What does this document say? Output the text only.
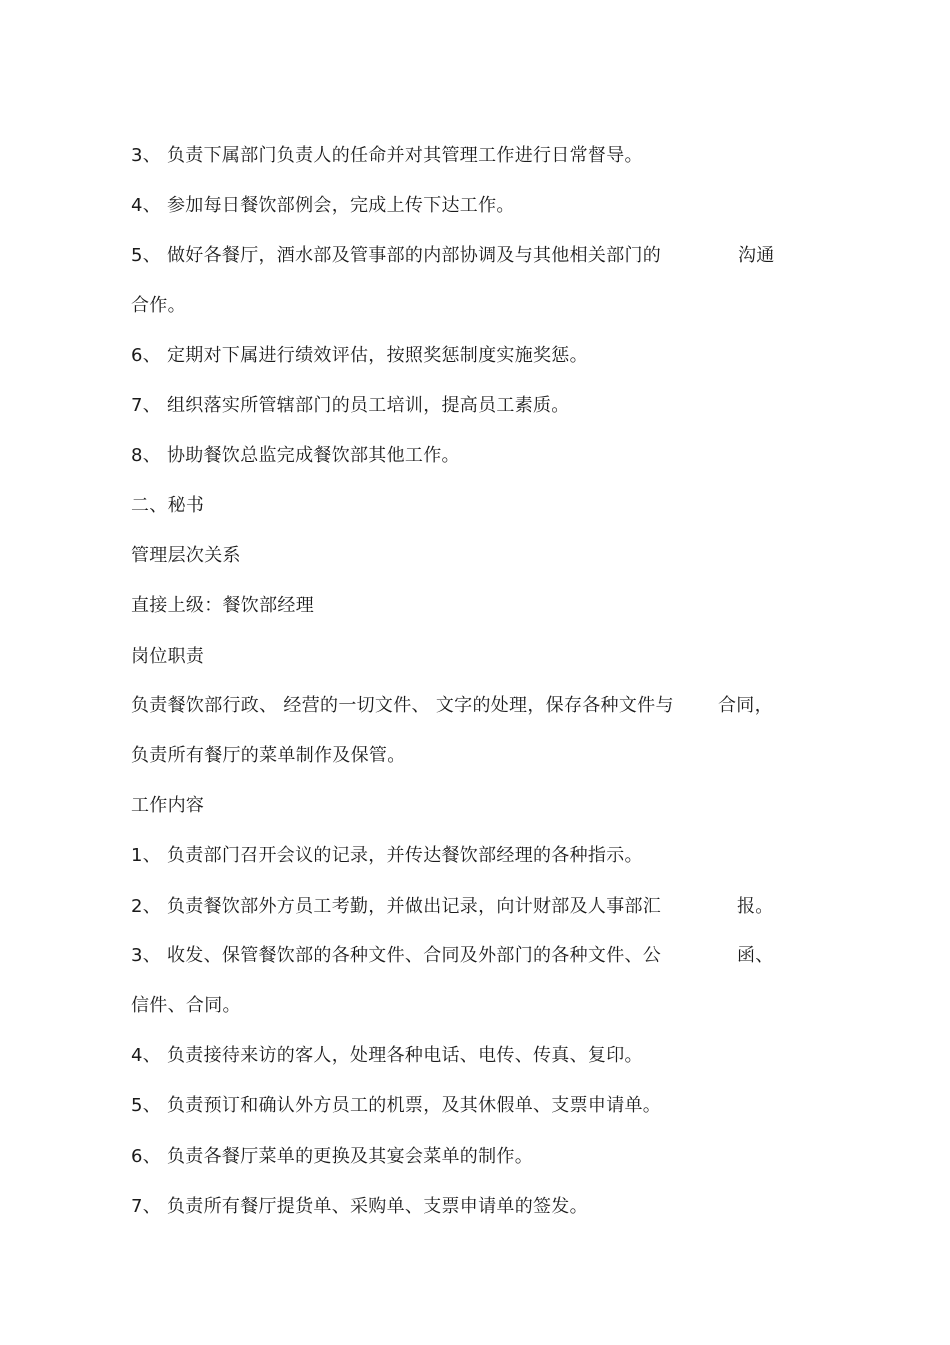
3、 负责下属部门负责人的任命并对其管理工作进行日常督导。
4、 参加每日餐饮部例会，完成上传下达工作。
5、 做好各餐厅，酒水部及管事部的内部协调及与其他相关部门的	沟通
合作。
6、 定期对下属进行绩效评估，按照奖惩制度实施奖惩。
7、 组织落实所管辖部门的员工培训，提高员工素质。
8、 协助餐饮总监完成餐饮部其他工作。
二、秘书
管理层次关系
直接上级：餐饮部经理
岗位职责
负责餐饮部行政、 经营的一切文件、 文字的处理，保存各种文件与 合同，
负责所有餐厅的菜单制作及保管。
工作内容
1、 负责部门召开会议的记录，并传达餐饮部经理的各种指示。
2、 负责餐饮部外方员工考勤，并做出记录，向计财部及人事部汇	报。
3、 收发、保管餐饮部的各种文件、合同及外部门的各种文件、公	函、
信件、合同。
4、 负责接待来访的客人，处理各种电话、电传、传真、复印。
5、 负责预订和确认外方员工的机票，及其休假单、支票申请单。
6、 负责各餐厅菜单的更换及其宴会菜单的制作。
7、 负责所有餐厅提货单、采购单、支票申请单的签发。
